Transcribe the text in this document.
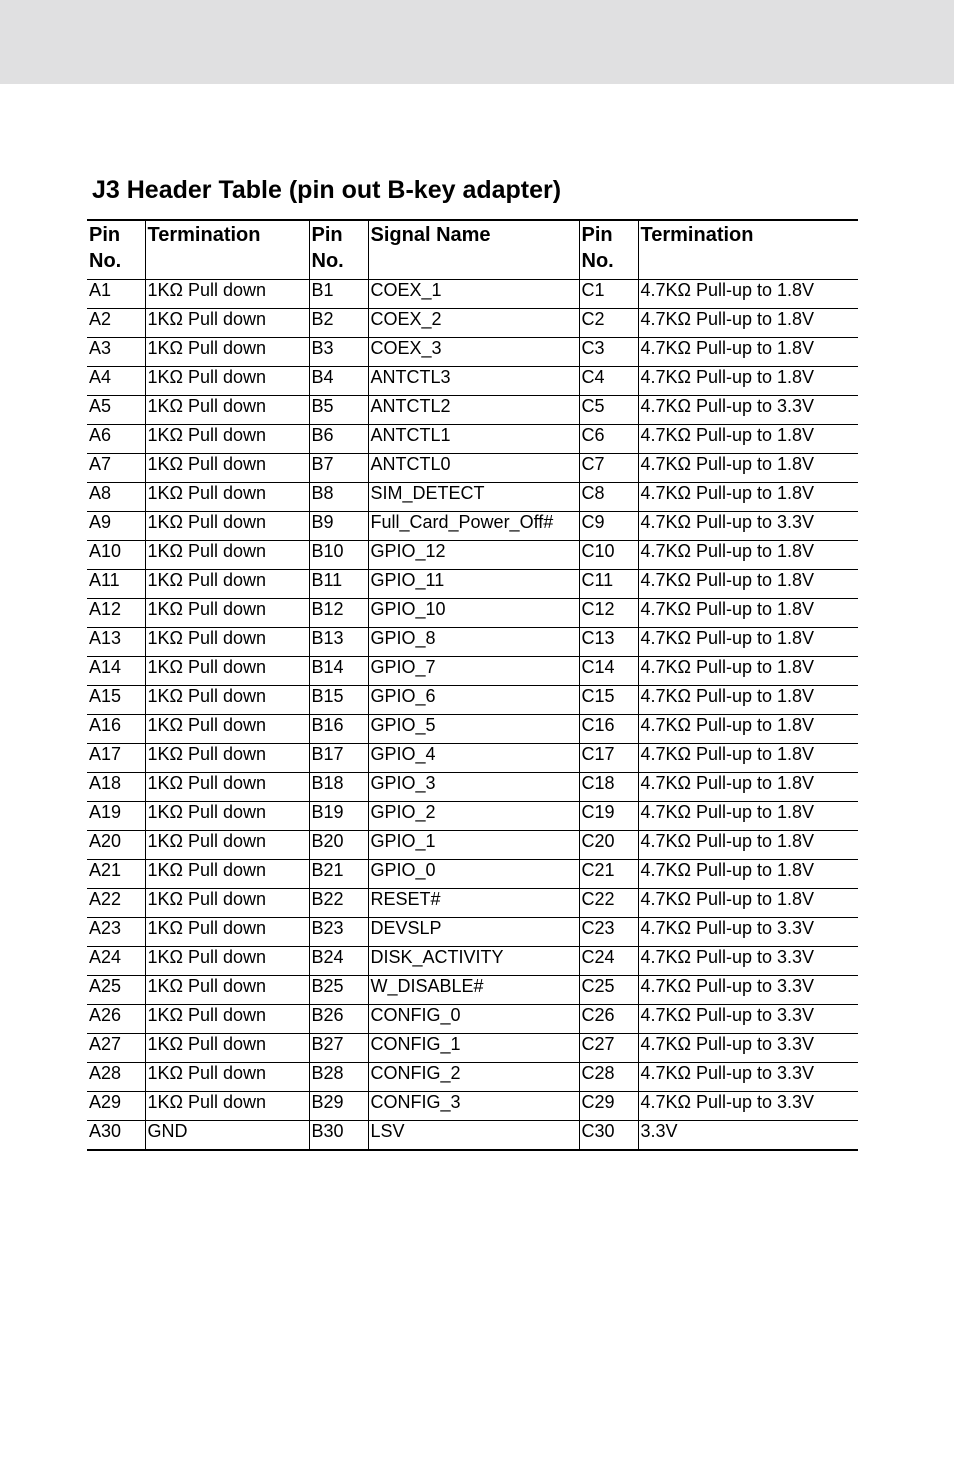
J3 Header Table (pin out B-key adapter)
Pin No.	Termination	Pin No.	Signal Name	Pin No.	Termination
A1	1KΩ Pull down	B1	COEX_1	C1	4.7KΩ Pull-up to 1.8V
A2	1KΩ Pull down	B2	COEX_2	C2	4.7KΩ Pull-up to 1.8V
A3	1KΩ Pull down	B3	COEX_3	C3	4.7KΩ Pull-up to 1.8V
A4	1KΩ Pull down	B4	ANTCTL3	C4	4.7KΩ Pull-up to 1.8V
A5	1KΩ Pull down	B5	ANTCTL2	C5	4.7KΩ Pull-up to 3.3V
A6	1KΩ Pull down	B6	ANTCTL1	C6	4.7KΩ Pull-up to 1.8V
A7	1KΩ Pull down	B7	ANTCTL0	C7	4.7KΩ Pull-up to 1.8V
A8	1KΩ Pull down	B8	SIM_DETECT	C8	4.7KΩ Pull-up to 1.8V
A9	1KΩ Pull down	B9	Full_Card_Power_Off#	C9	4.7KΩ Pull-up to 3.3V
A10	1KΩ Pull down	B10	GPIO_12	C10	4.7KΩ Pull-up to 1.8V
A11	1KΩ Pull down	B11	GPIO_11	C11	4.7KΩ Pull-up to 1.8V
A12	1KΩ Pull down	B12	GPIO_10	C12	4.7KΩ Pull-up to 1.8V
A13	1KΩ Pull down	B13	GPIO_8	C13	4.7KΩ Pull-up to 1.8V
A14	1KΩ Pull down	B14	GPIO_7	C14	4.7KΩ Pull-up to 1.8V
A15	1KΩ Pull down	B15	GPIO_6	C15	4.7KΩ Pull-up to 1.8V
A16	1KΩ Pull down	B16	GPIO_5	C16	4.7KΩ Pull-up to 1.8V
A17	1KΩ Pull down	B17	GPIO_4	C17	4.7KΩ Pull-up to 1.8V
A18	1KΩ Pull down	B18	GPIO_3	C18	4.7KΩ Pull-up to 1.8V
A19	1KΩ Pull down	B19	GPIO_2	C19	4.7KΩ Pull-up to 1.8V
A20	1KΩ Pull down	B20	GPIO_1	C20	4.7KΩ Pull-up to 1.8V
A21	1KΩ Pull down	B21	GPIO_0	C21	4.7KΩ Pull-up to 1.8V
A22	1KΩ Pull down	B22	RESET#	C22	4.7KΩ Pull-up to 1.8V
A23	1KΩ Pull down	B23	DEVSLP	C23	4.7KΩ Pull-up to 3.3V
A24	1KΩ Pull down	B24	DISK_ACTIVITY	C24	4.7KΩ Pull-up to 3.3V
A25	1KΩ Pull down	B25	W_DISABLE#	C25	4.7KΩ Pull-up to 3.3V
A26	1KΩ Pull down	B26	CONFIG_0	C26	4.7KΩ Pull-up to 3.3V
A27	1KΩ Pull down	B27	CONFIG_1	C27	4.7KΩ Pull-up to 3.3V
A28	1KΩ Pull down	B28	CONFIG_2	C28	4.7KΩ Pull-up to 3.3V
A29	1KΩ Pull down	B29	CONFIG_3	C29	4.7KΩ Pull-up to 3.3V
A30	GND	B30	LSV	C30	3.3V
